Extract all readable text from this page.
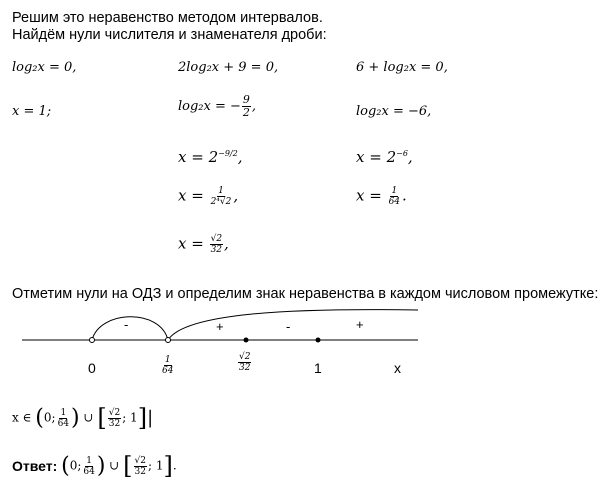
Решим это неравенство методом интервалов.
Найдём нули числителя и знаменателя дроби:
log₂x = 0,	2log₂x + 9 = 0,	6 + log₂x = 0,
x = 1;	log₂x = − $\frac{9}{2}$ ,	log₂x = −6,
$x = 2^{-9/2}$,	$x = 2^{-6}$,
$x = \frac{1}{\text{2⁴√2}}$ ,	$x = \frac{1}{64}$ .
$x = \frac{√2}{32}$ ,
Отметим нули на ОДЗ и определим знак неравенства в каждом числовом промежутке:
-	+	-	+
0	$\frac{1}{64}$	$\frac{√2}{32}$	1	x
x ∈ (0; $\frac{1}{64}$ ) ∪ [ $\frac{√2}{32}$ ; 1]|
Ответ: (0; $\frac{1}{64}$ ) ∪ [ $\frac{√2}{32}$ ; 1].
